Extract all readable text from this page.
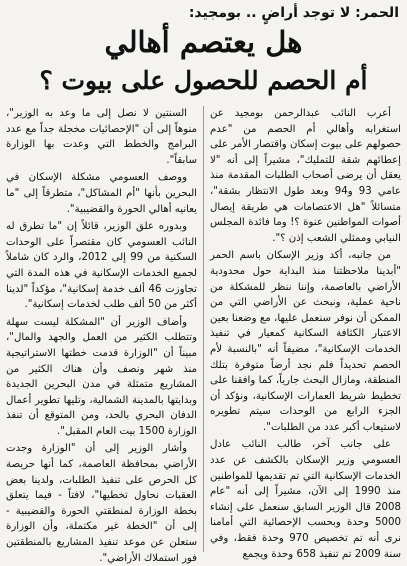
الحمر: لا توجد أراضٍ .. بومجيد:
هل يعتصم أهالي
أم الحصم للحصول على بيوت ؟

أعرب النائب عبدالرحمن بومجيد عن استغرابه وأهالي أم الحصم من "عدم حصولهم على بيوت إسكان واقتصار الأمر على إعطائهم شقة للتمليك"، مشيراً إلى أنه "لا يعقل أن يرضى أصحاب الطلبات المقدمة منذ عامي 93 و94 وبعد طول الانتظار بشقة"، متسائلاً "هل الاعتصامات هي طريقة إيصال أصوات المواطنين عنوة ؟! وما فائدة المجلس النيابي وممثلي الشعب إذن ؟".

من جانبه، أكد وزير الإسكان باسم الحمر "أبدينا ملاحظتنا منذ البداية حول محدودية الأراضي بالعاصمة، وإننا ننظر للمشكلة من ناحية عملية، ونبحث عن الأراضي التي من الممكن أن نوفر سنعمل عليها، مع وضعنا بعين الاعتبار الكثافة السكانية كمعيار في تنفيذ الخدمات الإسكانية"، مضيفاً أنه "بالنسبة لأم الحصم تحديداً فلم نجد أرضاً متوفرة بتلك المنطقة، ومازال البحث جارياً، كما وافقنا على تخطيط شريط العمارات الإسكانية، ونؤكد أن الجزء الرابع من الوحدات سيتم تطويره لاستيعاب أكبر عدد من الطلبات".

على جانب آخر، طالب النائب عادل العسومي وزير الإسكان بالكشف عن عدد الخدمات الإسكانية التي تم تقديمها للمواطنين منذ 1990 إلى الآن، مشيراً إلى أنه "عام 2008 قال الوزير السابق سنعمل على إنشاء 5000 وحدة وبحسب الإحصائية التي أمامنا نرى أنه تم تخصيص 970 وحدة فقط، وفي سنة 2009 تم تنفيذ 658 وحدة ويجمع

السنتين لا نصل إلى ما وعد به الوزير"، منوهاً إلى أن "الإحصائيات مخجلة جداً مع عدد البرامج والخطط التي وعدت بها الوزارة سابقاً".

ووصف العسومي مشكلة الإسكان في البحرين بأنها "أم المشاكل"، متطرقاً إلى "ما يعانيه أهالي الحورة والقضيبية".

وبدوره علق الوزير، قائلاً إن "ما تطرق له النائب العسومي كان مقتصراً على الوحدات السكنية من 99 إلى 2012، والرد كان شاملاً لجميع الخدمات الإسكانية في هذه المدة التي تجاوزت 46 ألف خدمة إسكانية"، مؤكداً "لدينا أكثر من 50 ألف طلب لخدمات إسكانية".

وأضاف الوزير أن "المشكلة ليست سهلة وتتطلب الكثير من العمل والجهد والمال"، مبيناً أن "الوزارة قدمت خطتها الاستراتيجية منذ شهر ونصف وأن هناك الكثير من المشاريع متمثلة في مدن البحرين الجديدة وبدايتها بالمدينة الشمالية، وتليها تطوير أعمال الدفان البحري بالحد، ومن المتوقع أن تنفذ الوزارة 1500 بيت العام المقبل".

وأشار الوزير إلى أن "الوزارة وجدت الأراضي بمحافظة العاصمة، كما أنها حريصة كل الحرص على تنفيذ الطلبات، ولدينا بعض العقبات نحاول تخطيها"، لافتاً - فيما يتعلق بخطة الوزارة لمنطقتي الحورة والقضيبية - إلى أن "الخطة غير مكتملة، وأن الوزارة ستعلن عن موعد تنفيذ المشاريع بالمنطقتين فور استملاك الأراضي".
